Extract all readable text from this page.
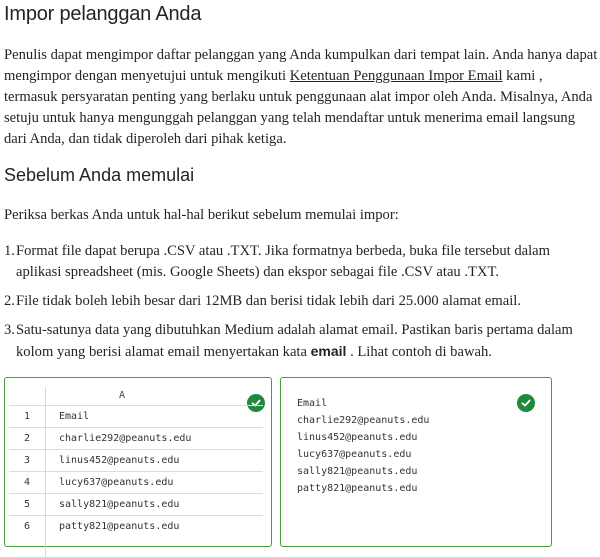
Impor pelanggan Anda

Penulis dapat mengimpor daftar pelanggan yang Anda kumpulkan dari tempat lain. Anda hanya dapat mengimpor dengan menyetujui untuk mengikuti Ketentuan Penggunaan Impor Email kami , termasuk persyaratan penting yang berlaku untuk penggunaan alat impor oleh Anda. Misalnya, Anda setuju untuk hanya mengunggah pelanggan yang telah mendaftar untuk menerima email langsung dari Anda, dan tidak diperoleh dari pihak ketiga.

Sebelum Anda memulai

Periksa berkas Anda untuk hal-hal berikut sebelum memulai impor:

1. Format file dapat berupa .CSV atau .TXT. Jika formatnya berbeda, buka file tersebut dalam aplikasi spreadsheet (mis. Google Sheets) dan ekspor sebagai file .CSV atau .TXT.
2. File tidak boleh lebih besar dari 12MB dan berisi tidak lebih dari 25.000 alamat email.
3. Satu-satunya data yang dibutuhkan Medium adalah alamat email. Pastikan baris pertama dalam kolom yang berisi alamat email menyertakan kata email . Lihat contoh di bawah.
A
1	Email
2	charlie292@peanuts.edu
3	linus452@peanuts.edu
4	lucy637@peanuts.edu
5	sally821@peanuts.edu
6	patty821@peanuts.edu
Email
charlie292@peanuts.edu
linus452@peanuts.edu
lucy637@peanuts.edu
sally821@peanuts.edu
patty821@peanuts.edu
